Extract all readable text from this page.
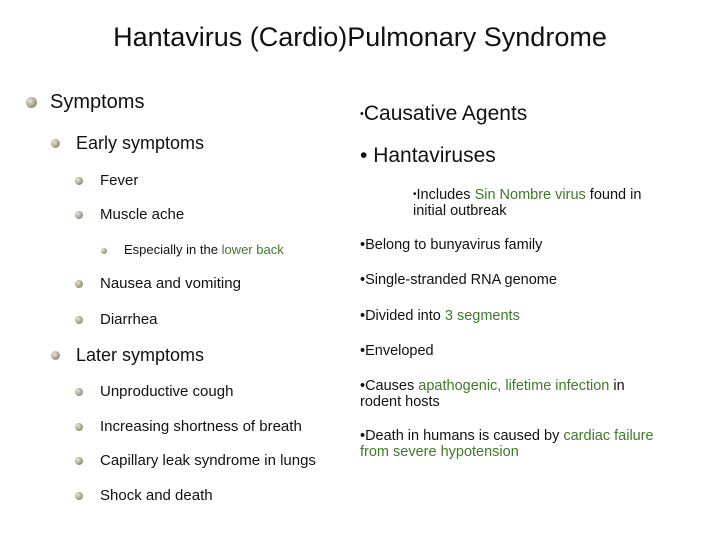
Hantavirus (Cardio)Pulmonary Syndrome
Symptoms
Early symptoms
Fever
Muscle ache
Especially in the lower back
Nausea and vomiting
Diarrhea
Later symptoms
Unproductive cough
Increasing shortness of breath
Capillary leak syndrome in lungs
Shock and death
•Causative Agents
• Hantaviruses
•Includes Sin Nombre virus found in
initial outbreak
•Belong to bunyavirus family
•Single-stranded RNA genome
•Divided into 3 segments
•Enveloped
•Causes apathogenic, lifetime infection in
rodent hosts
•Death in humans is caused by cardiac failure
from severe hypotension
